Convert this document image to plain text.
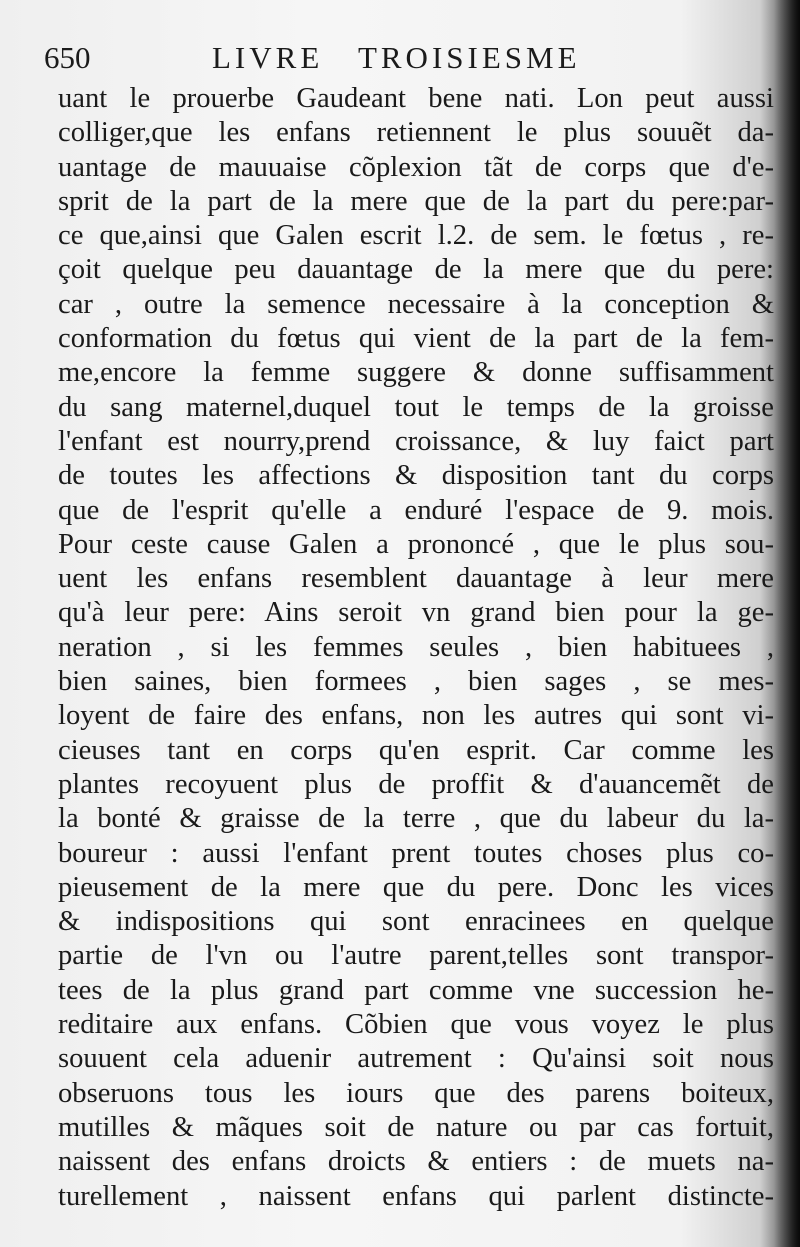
650	LIVRE   TROISIESME
uant le prouerbe Gaudeant bene nati. Lon peut aussi
colliger,que les enfans retiennent le plus souuẽt da-
uantage de mauuaise cõplexion tãt de corps que d'e-
sprit de la part de la mere que de la part du pere:par-
ce que,ainsi que Galen escrit l.2. de sem. le fœtus , re-
çoit quelque peu dauantage de la mere que du pere:
car , outre la semence necessaire à la conception &
conformation du fœtus qui vient de la part de la fem-
me,encore la femme suggere & donne suffisamment
du sang maternel,duquel tout le temps de la groisse
l'enfant est nourry,prend croissance, & luy faict part
de toutes les affections & disposition tant du corps
que de l'esprit qu'elle a enduré l'espace de 9. mois.
Pour ceste cause Galen a prononcé , que le plus sou-
uent les enfans resemblent dauantage à leur mere
qu'à leur pere: Ains seroit vn grand bien pour la ge-
neration , si les femmes seules , bien habituees ,
bien saines, bien formees , bien sages , se mes-
loyent de faire des enfans, non les autres qui sont vi-
cieuses tant en corps qu'en esprit. Car comme les
plantes recoyuent plus de proffit & d'auancemẽt de
la bonté & graisse de la terre , que du labeur du la-
boureur : aussi l'enfant prent toutes choses plus co-
pieusement de la mere que du pere. Donc les vices
& indispositions qui sont enracinees en quelque
partie de l'vn ou l'autre parent,telles sont transpor-
tees de la plus grand part comme vne succession he-
reditaire aux enfans. Cõbien que vous voyez le plus
souuent cela aduenir autrement : Qu'ainsi soit nous
obseruons tous les iours que des parens boiteux,
mutilles & mãques soit de nature ou par cas fortuit,
naissent des enfans droicts & entiers : de muets na-
turellement , naissent enfans qui parlent distincte-
